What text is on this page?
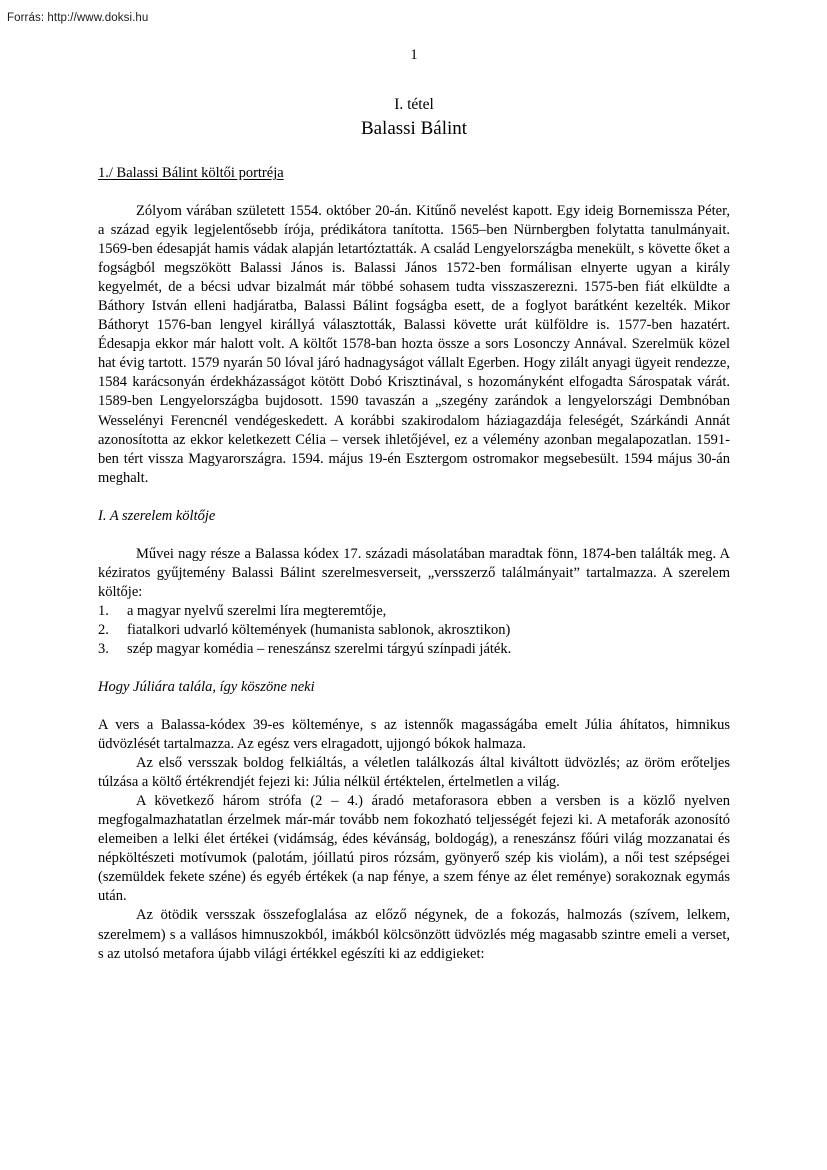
Forrás: http://www.doksi.hu
1
I. tétel
Balassi Bálint
1./ Balassi Bálint költői portréja

Zólyom várában született 1554. október 20-án. Kitűnő nevelést kapott. Egy ideig Bornemissza Péter, a század egyik legjelentősebb írója, prédikátora tanította. 1565–ben Nürnbergben folytatta tanulmányait. 1569-ben édesapját hamis vádak alapján letartóztatták. A család Lengyelországba menekült, s követte őket a fogságból megszökött Balassi János is. Balassi János 1572-ben formálisan elnyerte ugyan a király kegyelmét, de a bécsi udvar bizalmát már többé sohasem tudta visszaszerezni. 1575-ben fiát elküldte a Báthory István elleni hadjáratba, Balassi Bálint fogságba esett, de a foglyot barátként kezelték. Mikor Báthoryt 1576-ban lengyel királlyá választották, Balassi követte urát külföldre is. 1577-ben hazatért. Édesapja ekkor már halott volt. A költőt 1578-ban hozta össze a sors Losonczy Annával. Szerelmük közel hat évig tartott. 1579 nyarán 50 lóval járó hadnagyságot vállalt Egerben. Hogy zilált anyagi ügyeit rendezze, 1584 karácsonyán érdekházasságot kötött Dobó Krisztinával, s hozományként elfogadta Sárospatak várát. 1589-ben Lengyelországba bujdosott. 1590 tavaszán a „szegény zarándok a lengyelországi Dembnóban Wesselényi Ferencnél vendégeskedett. A korábbi szakirodalom háziagazdája feleségét, Szárkándi Annát azonosította az ekkor keletkezett Célia – versek ihletőjével, ez a vélemény azonban megalapozatlan. 1591-ben tért vissza Magyarországra. 1594. május 19-én Esztergom ostromakor megsebesült. 1594 május 30-án meghalt.

I. A szerelem költője

Művei nagy része a Balassa kódex 17. századi másolatában maradtak fönn, 1874-ben találták meg. A kéziratos gyűjtemény Balassi Bálint szerelmesverseit, „versszerző találmányait” tartalmazza. A szerelem költője:

1.	a magyar nyelvű szerelmi líra megteremtője,
2.	fiatalkori udvarló költemények (humanista sablonok, akrosztikon)
3.	szép magyar komédia – reneszánsz szerelmi tárgyú színpadi játék.
Hogy Júliára talála, így köszöne neki

A vers a Balassa-kódex 39-es költeménye, s az istennők magasságába emelt Júlia áhítatos, himnikus üdvözlését tartalmazza. Az egész vers elragadott, ujjongó bókok halmaza.

Az első versszak boldog felkiáltás, a véletlen találkozás által kiváltott üdvözlés; az öröm erőteljes túlzása a költő értékrendjét fejezi ki: Júlia nélkül értéktelen, értelmetlen a világ.

A következő három strófa (2 – 4.) áradó metaforasora ebben a versben is a közlő nyelven megfogalmazhatatlan érzelmek már-már tovább nem fokozható teljességét fejezi ki. A metaforák azonosító elemeiben a lelki élet értékei (vidámság, édes kévánság, boldogág), a reneszánsz főúri világ mozzanatai és népköltészeti motívumok (palotám, jóillatú piros rózsám, gyönyerő szép kis violám), a női test szépségei (szemüldek fekete széne) és egyéb értékek (a nap fénye, a szem fénye az élet reménye) sorakoznak egymás után.

Az ötödik versszak összefoglalása az előző négynek, de a fokozás, halmozás (szívem, lelkem, szerelmem) s a vallásos himnuszokból, imákból kölcsönzött üdvözlés még magasabb szintre emeli a verset, s az utolsó metafora újabb világi értékkel egészíti ki az eddigieket:
